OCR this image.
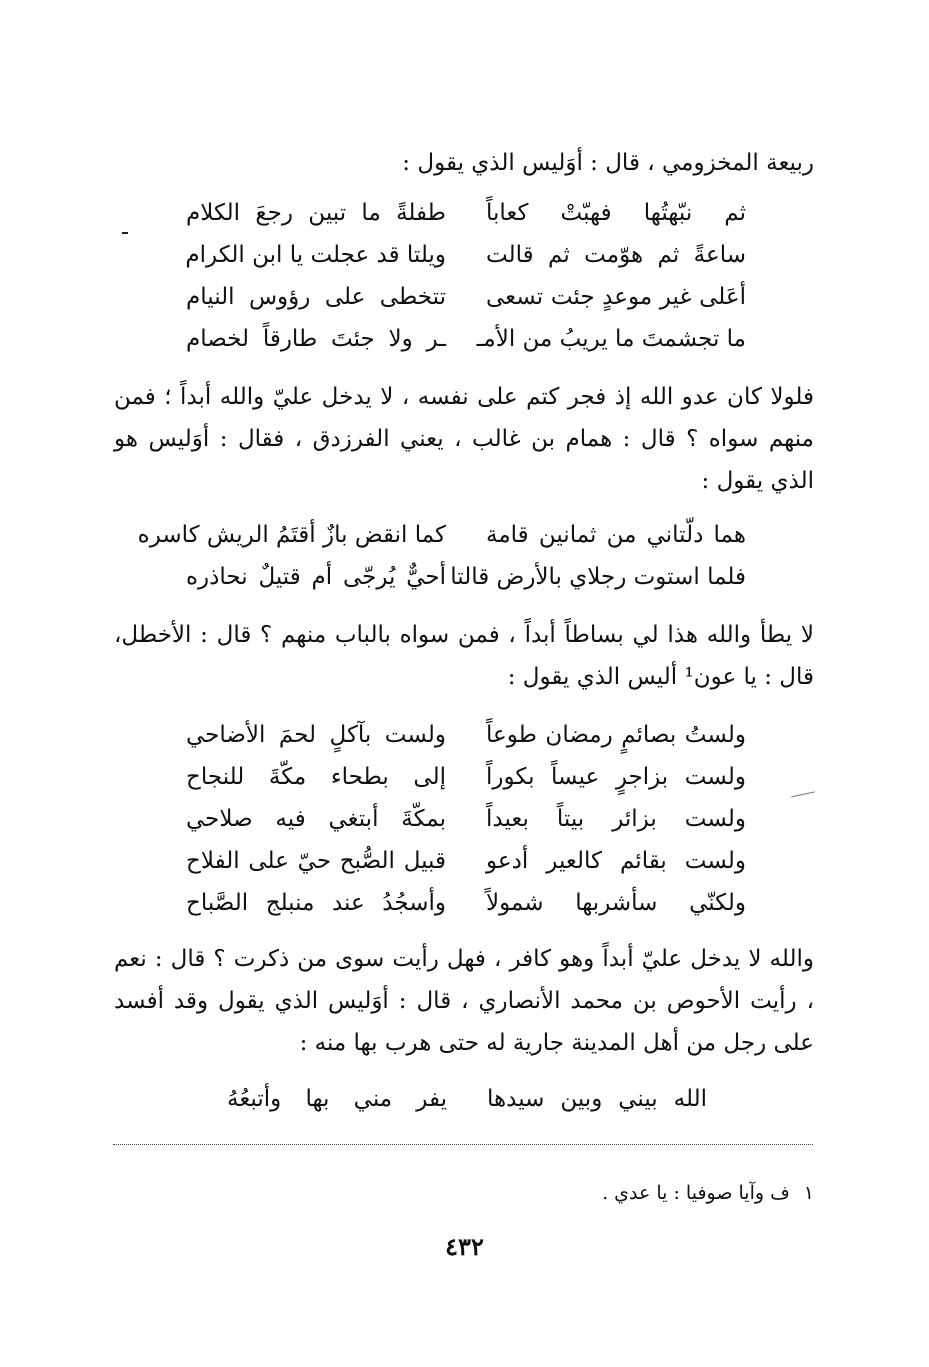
ربيعة المخزومي ، قال : أوَليس الذي يقول :
ثم نبّهتُها فهبّتْ كعاباً
طفلةً ما تبين رجعَ الكلام
ساعةً ثم هوّمت ثم قالت
ويلتا قد عجلت يا ابن الكرام
أعَلى غير موعدٍ جئت تسعى
تتخطى على رؤوس النيام
ما تجشمتَ ما يريبُ من الأمـ
ـر ولا جئتَ طارقاً لخصام
فلولا كان عدو الله إذ فجر كتم على نفسه ، لا يدخل عليّ والله أبداً ؛ فمن منهم سواه ؟ قال : همام بن غالب ، يعني الفرزدق ، فقال : أوَليس هو الذي يقول :
هما دلّتاني من ثمانين قامة
كما انقض بازٌ أقتَمُ الريش كاسره
فلما استوت رجلاي بالأرض قالتا
أحيٌّ يُرجّى أم قتيلٌ نحاذره
لا يطأ والله هذا لي بساطاً أبداً ، فمن سواه بالباب منهم ؟ قال : الأخطل، قال : يا عون¹ أليس الذي يقول :
ولستُ بصائمٍ رمضان طوعاً
ولست بآكلٍ لحمَ الأضاحي
ولست بزاجرٍ عيساً بكوراً
إلى بطحاء مكّةَ للنجاح
ولست بزائر بيتاً بعيداً
بمكّةَ أبتغي فيه صلاحي
ولست بقائم كالعير أدعو
قبيل الصُّبح حيّ على الفلاح
ولكنّي سأشربها شمولاً
وأسجُدُ عند منبلج الصَّباح
والله لا يدخل عليّ أبداً وهو كافر ، فهل رأيت سوى من ذكرت ؟ قال : نعم ، رأيت الأحوص بن محمد الأنصاري ، قال : أوَليس الذي يقول وقد أفسد على رجل من أهل المدينة جارية له حتى هرب بها منه :
الله بيني وبين سيدها
يفر مني بها وأتبعُهُ
١ف وآيا صوفيا : يا عدي .
٤٣٢
